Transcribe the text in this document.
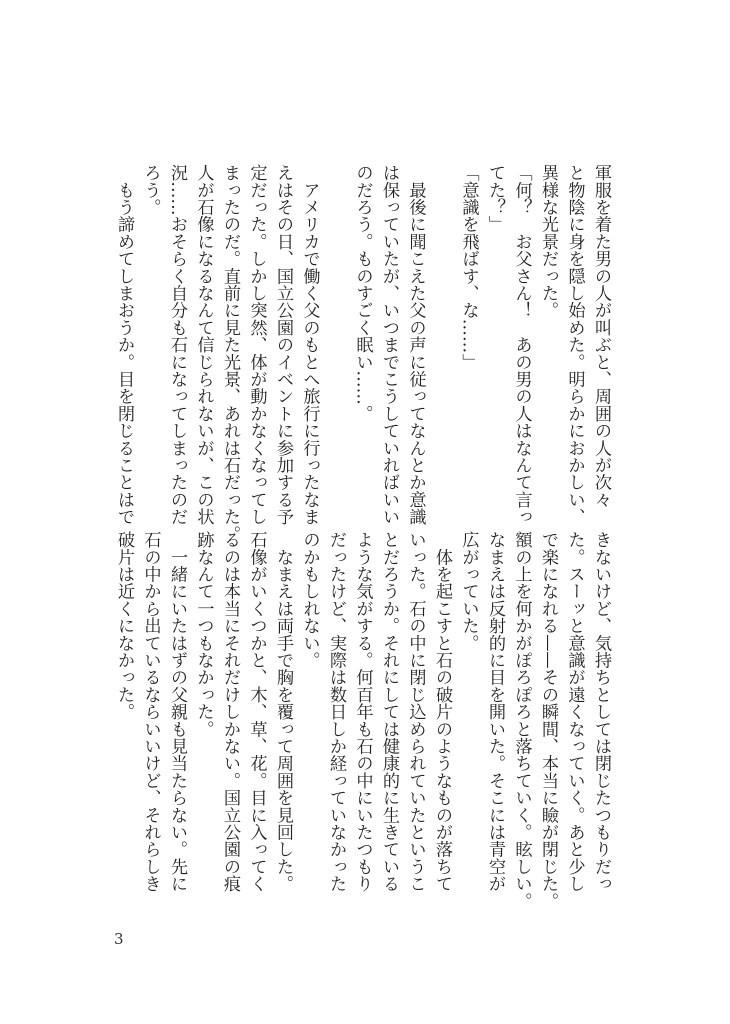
軍服を着た男の人が叫ぶと、周囲の人が次々
と物陰に身を隠し始めた。明らかにおかしい、
異様な光景だった。
「何？　お父さん！　あの男の人はなんて言っ
てた？」
「意識を飛ばす、な……」
　最後に聞こえた父の声に従ってなんとか意識
は保っていたが、いつまでこうしていればいい
のだろう。ものすごく眠い……。
　アメリカで働く父のもとへ旅行に行ったなま
えはその日、国立公園のイベントに参加する予
定だった。しかし突然、体が動かなくなってし
まったのだ。直前に見た光景、あれは石だった。
人が石像になるなんて信じられないが、この状
況……おそらく自分も石になってしまったのだ
ろう。
　もう諦めてしまおうか。目を閉じることはで
きないけど、気持ちとしては閉じたつもりだっ
た。スーッと意識が遠くなっていく。あと少し
で楽になれる——その瞬間、本当に瞼が閉じた。
額の上を何かがぽろぽろと落ちていく。眩しい。
なまえは反射的に目を開いた。そこには青空が
広がっていた。
　体を起こすと石の破片のようなものが落ちて
いった。石の中に閉じ込められていたというこ
とだろうか。それにしては健康的に生きている
ような気がする。何百年も石の中にいたつもり
だったけど、実際は数日しか経っていなかった
のかもしれない。
　なまえは両手で胸を覆って周囲を見回した。
石像がいくつかと、木、草、花。目に入ってく
るのは本当にそれだけしかない。国立公園の痕
跡なんて一つもなかった。
　一緒にいたはずの父親も見当たらない。先に
石の中から出ているならいいけど、それらしき
破片は近くになかった。
3
